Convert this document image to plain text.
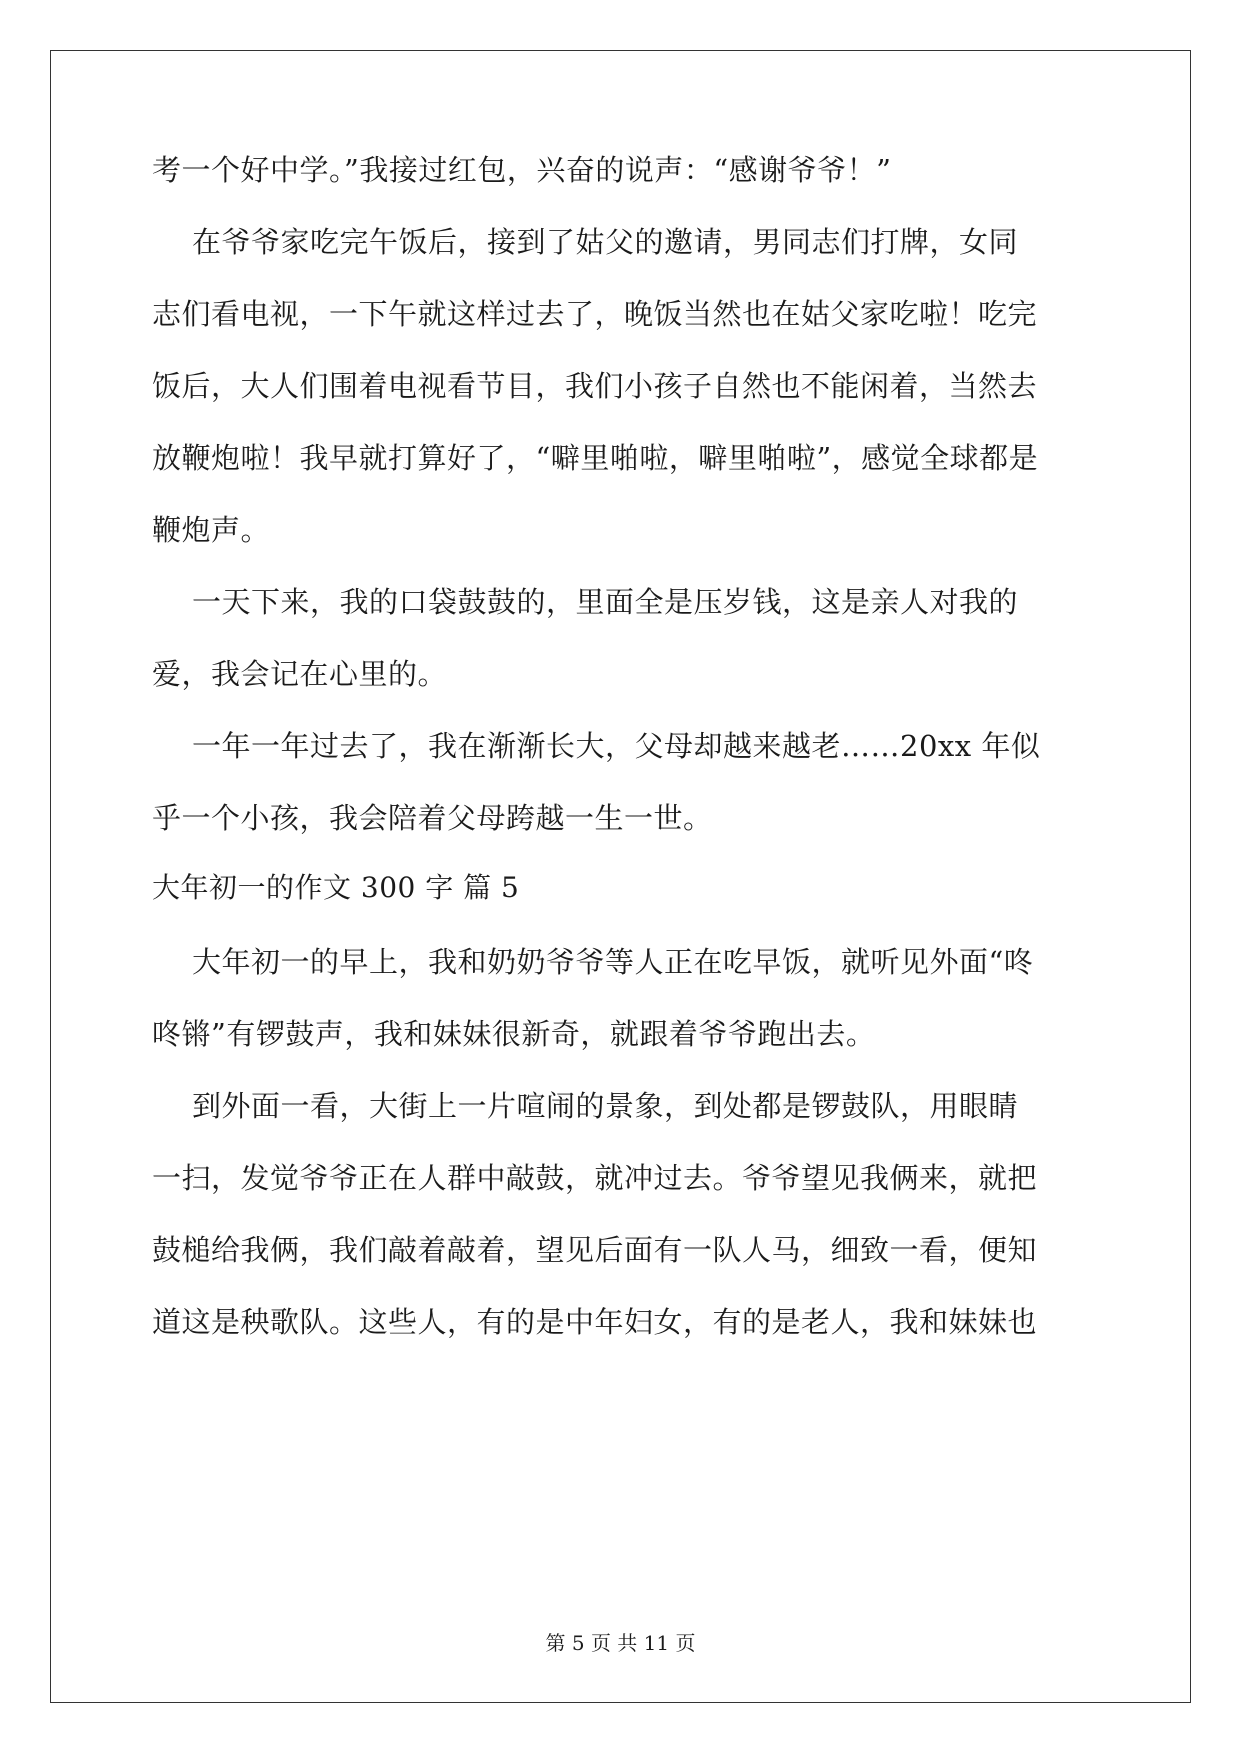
考一个好中学。”我接过红包，兴奋的说声：“感谢爷爷！”
在爷爷家吃完午饭后，接到了姑父的邀请，男同志们打牌，女同
志们看电视，一下午就这样过去了，晚饭当然也在姑父家吃啦！吃完
饭后，大人们围着电视看节目，我们小孩子自然也不能闲着，当然去
放鞭炮啦！我早就打算好了，“噼里啪啦，噼里啪啦”，感觉全球都是
鞭炮声。
一天下来，我的口袋鼓鼓的，里面全是压岁钱，这是亲人对我的
爱，我会记在心里的。
一年一年过去了，我在渐渐长大，父母却越来越老……20xx 年似
乎一个小孩，我会陪着父母跨越一生一世。
大年初一的作文 300 字 篇 5
大年初一的早上，我和奶奶爷爷等人正在吃早饭，就听见外面“咚
咚锵”有锣鼓声，我和妹妹很新奇，就跟着爷爷跑出去。
到外面一看，大街上一片喧闹的景象，到处都是锣鼓队，用眼睛
一扫，发觉爷爷正在人群中敲鼓，就冲过去。爷爷望见我俩来，就把
鼓槌给我俩，我们敲着敲着，望见后面有一队人马，细致一看，便知
道这是秧歌队。这些人，有的是中年妇女，有的是老人，我和妹妹也
第 5 页 共 11 页
